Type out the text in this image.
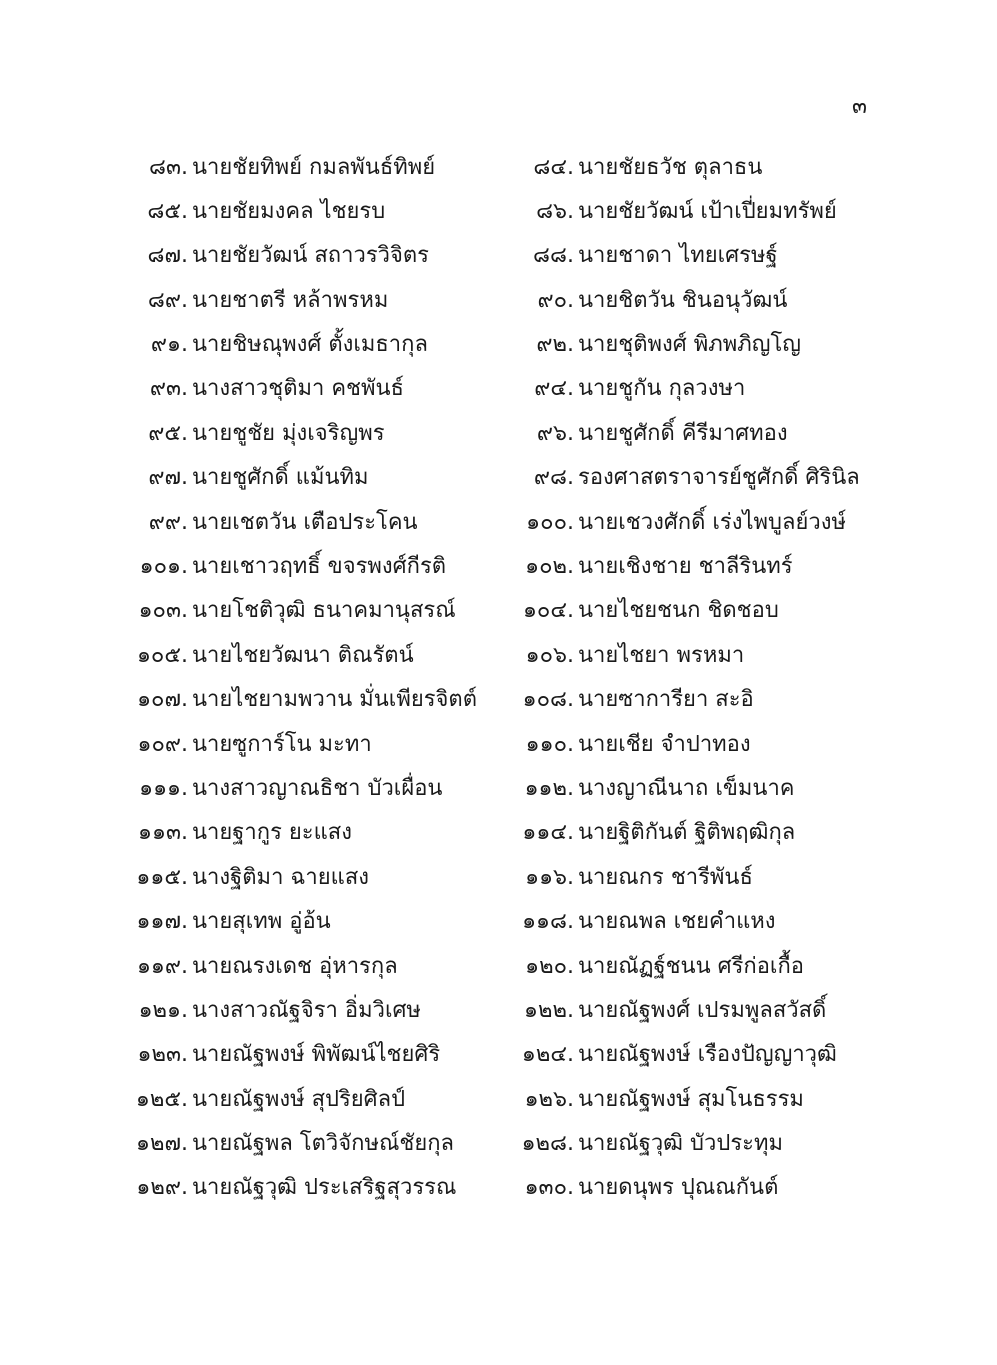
๓
๘๓. นายชัยทิพย์ กมลพันธ์ทิพย์	๘๔. นายชัยธวัช ตุลาธน
๘๕. นายชัยมงคล ไชยรบ	๘๖. นายชัยวัฒน์ เป้าเปี่ยมทรัพย์
๘๗. นายชัยวัฒน์ สถาวรวิจิตร	๘๘. นายชาดา ไทยเศรษฐ์
๘๙. นายชาตรี หล้าพรหม	๙๐. นายชิตวัน ชินอนุวัฒน์
๙๑. นายชิษณุพงศ์ ตั้งเมธากุล	๙๒. นายชุติพงศ์ พิภพภิญโญ
๙๓. นางสาวชุติมา คชพันธ์	๙๔. นายชูกัน กุลวงษา
๙๕. นายชูชัย มุ่งเจริญพร	๙๖. นายชูศักดิ์ คีรีมาศทอง
๙๗. นายชูศักดิ์ แม้นทิม	๙๘. รองศาสตราจารย์ชูศักดิ์ ศิรินิล
๙๙. นายเชตวัน เตือประโคน	๑๐๐. นายเชวงศักดิ์ เร่งไพบูลย์วงษ์
๑๐๑. นายเชาวฤทธิ์ ขจรพงศ์กีรติ	๑๐๒. นายเชิงชาย ชาลีรินทร์
๑๐๓. นายโชติวุฒิ ธนาคมานุสรณ์	๑๐๔. นายไชยชนก ชิดชอบ
๑๐๕. นายไชยวัฒนา ติณรัตน์	๑๐๖. นายไชยา พรหมา
๑๐๗. นายไชยามพวาน มั่นเพียรจิตต์	๑๐๘. นายซาการียา สะอิ
๑๐๙. นายซูการ์โน มะทา	๑๑๐. นายเชีย จำปาทอง
๑๑๑. นางสาวญาณธิชา บัวเผื่อน	๑๑๒. นางญาณีนาถ เข็มนาค
๑๑๓. นายฐากูร ยะแสง	๑๑๔. นายฐิติกันต์ ฐิติพฤฒิกุล
๑๑๕. นางฐิติมา ฉายแสง	๑๑๖. นายณกร ชารีพันธ์
๑๑๗. นายสุเทพ อู่อ้น	๑๑๘. นายณพล เชยคำแหง
๑๑๙. นายณรงเดช อุ่หารกุล	๑๒๐. นายณัฏฐ์ชนน ศรีก่อเกื้อ
๑๒๑. นางสาวณัฐจิรา อิ่มวิเศษ	๑๒๒. นายณัฐพงศ์ เปรมพูลสวัสดิ์
๑๒๓. นายณัฐพงษ์ พิพัฒน์ไชยศิริ	๑๒๔. นายณัฐพงษ์ เรืองปัญญาวุฒิ
๑๒๕. นายณัฐพงษ์ สุปริยศิลป์	๑๒๖. นายณัฐพงษ์ สุมโนธรรม
๑๒๗. นายณัฐพล โตวิจักษณ์ชัยกุล	๑๒๘. นายณัฐวุฒิ บัวประทุม
๑๒๙. นายณัฐวุฒิ ประเสริฐสุวรรณ	๑๓๐. นายดนุพร ปุณณกันต์
